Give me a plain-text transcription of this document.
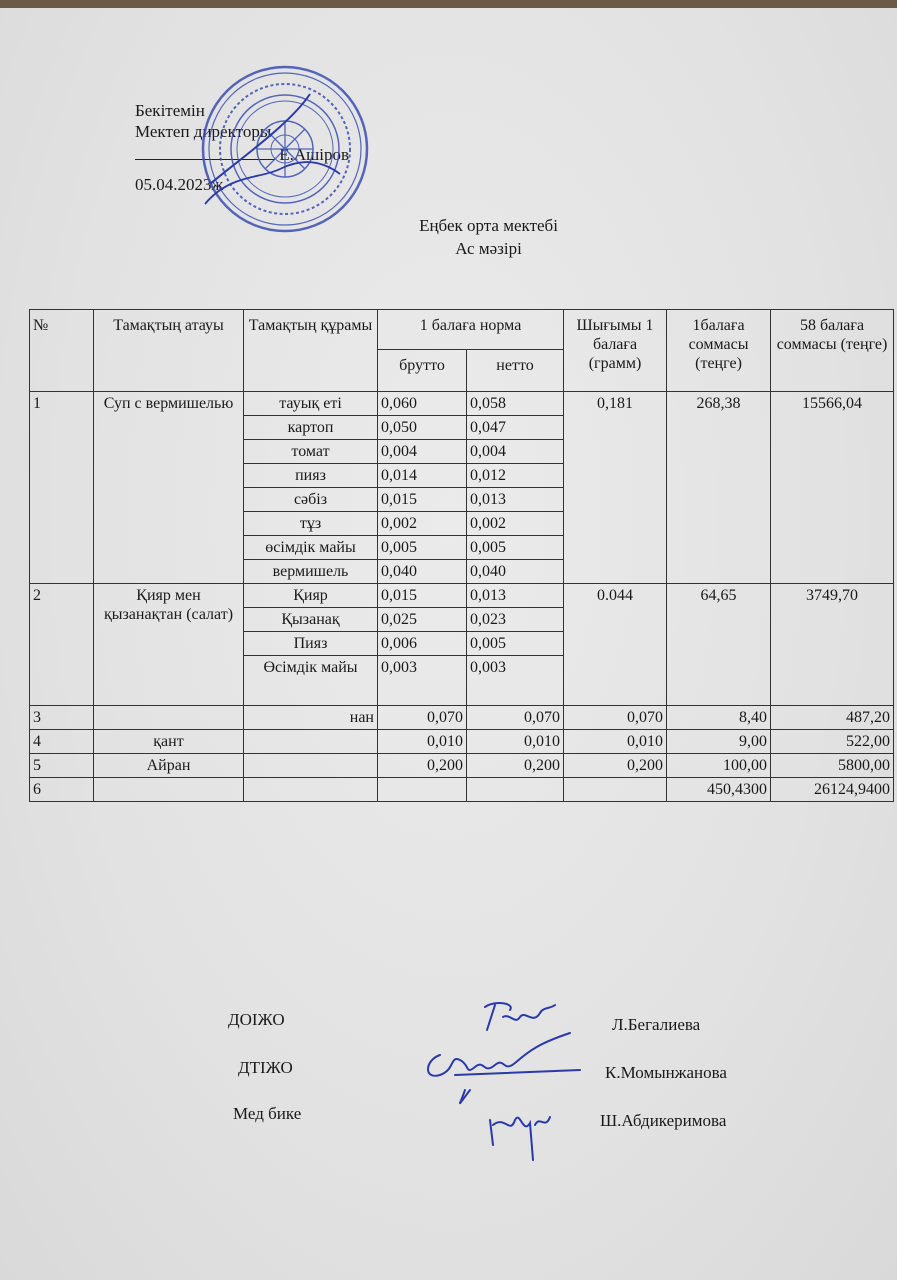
Бекітемін
Мектеп директоры
Е.Ашіров
05.04.2023ж
Еңбек орта мектебі
Ас мәзірі
№	Тамақтың атауы	Тамақтың құрамы	1 балаға норма		Шығымы 1 балаға (грамм)	1балаға соммасы (теңге)	58 балаға соммасы (теңге)
			брутто	нетто			
1	Суп с вермишелью	тауық еті	0,060	0,058	0,181	268,38	15566,04
		картоп	0,050	0,047			
		томат	0,004	0,004			
		пияз	0,014	0,012			
		сәбіз	0,015	0,013			
		тұз	0,002	0,002			
		өсімдік майы	0,005	0,005			
		вермишель	0,040	0,040			
2	Қияр мен қызанақтан (салат)	Қияр	0,015	0,013	0.044	64,65	3749,70
		Қызанақ	0,025	0,023			
		Пияз	0,006	0,005			
		Өсімдік майы	0,003	0,003			
3		нан	0,070	0,070	0,070	8,40	487,20
4	қант		0,010	0,010	0,010	9,00	522,00
5	Айран		0,200	0,200	0,200	100,00	5800,00
6						450,4300	26124,9400
ДОІЖО	Л.Бегалиева
ДТІЖО	К.Момынжанова
Мед бике	Ш.Абдикеримова
